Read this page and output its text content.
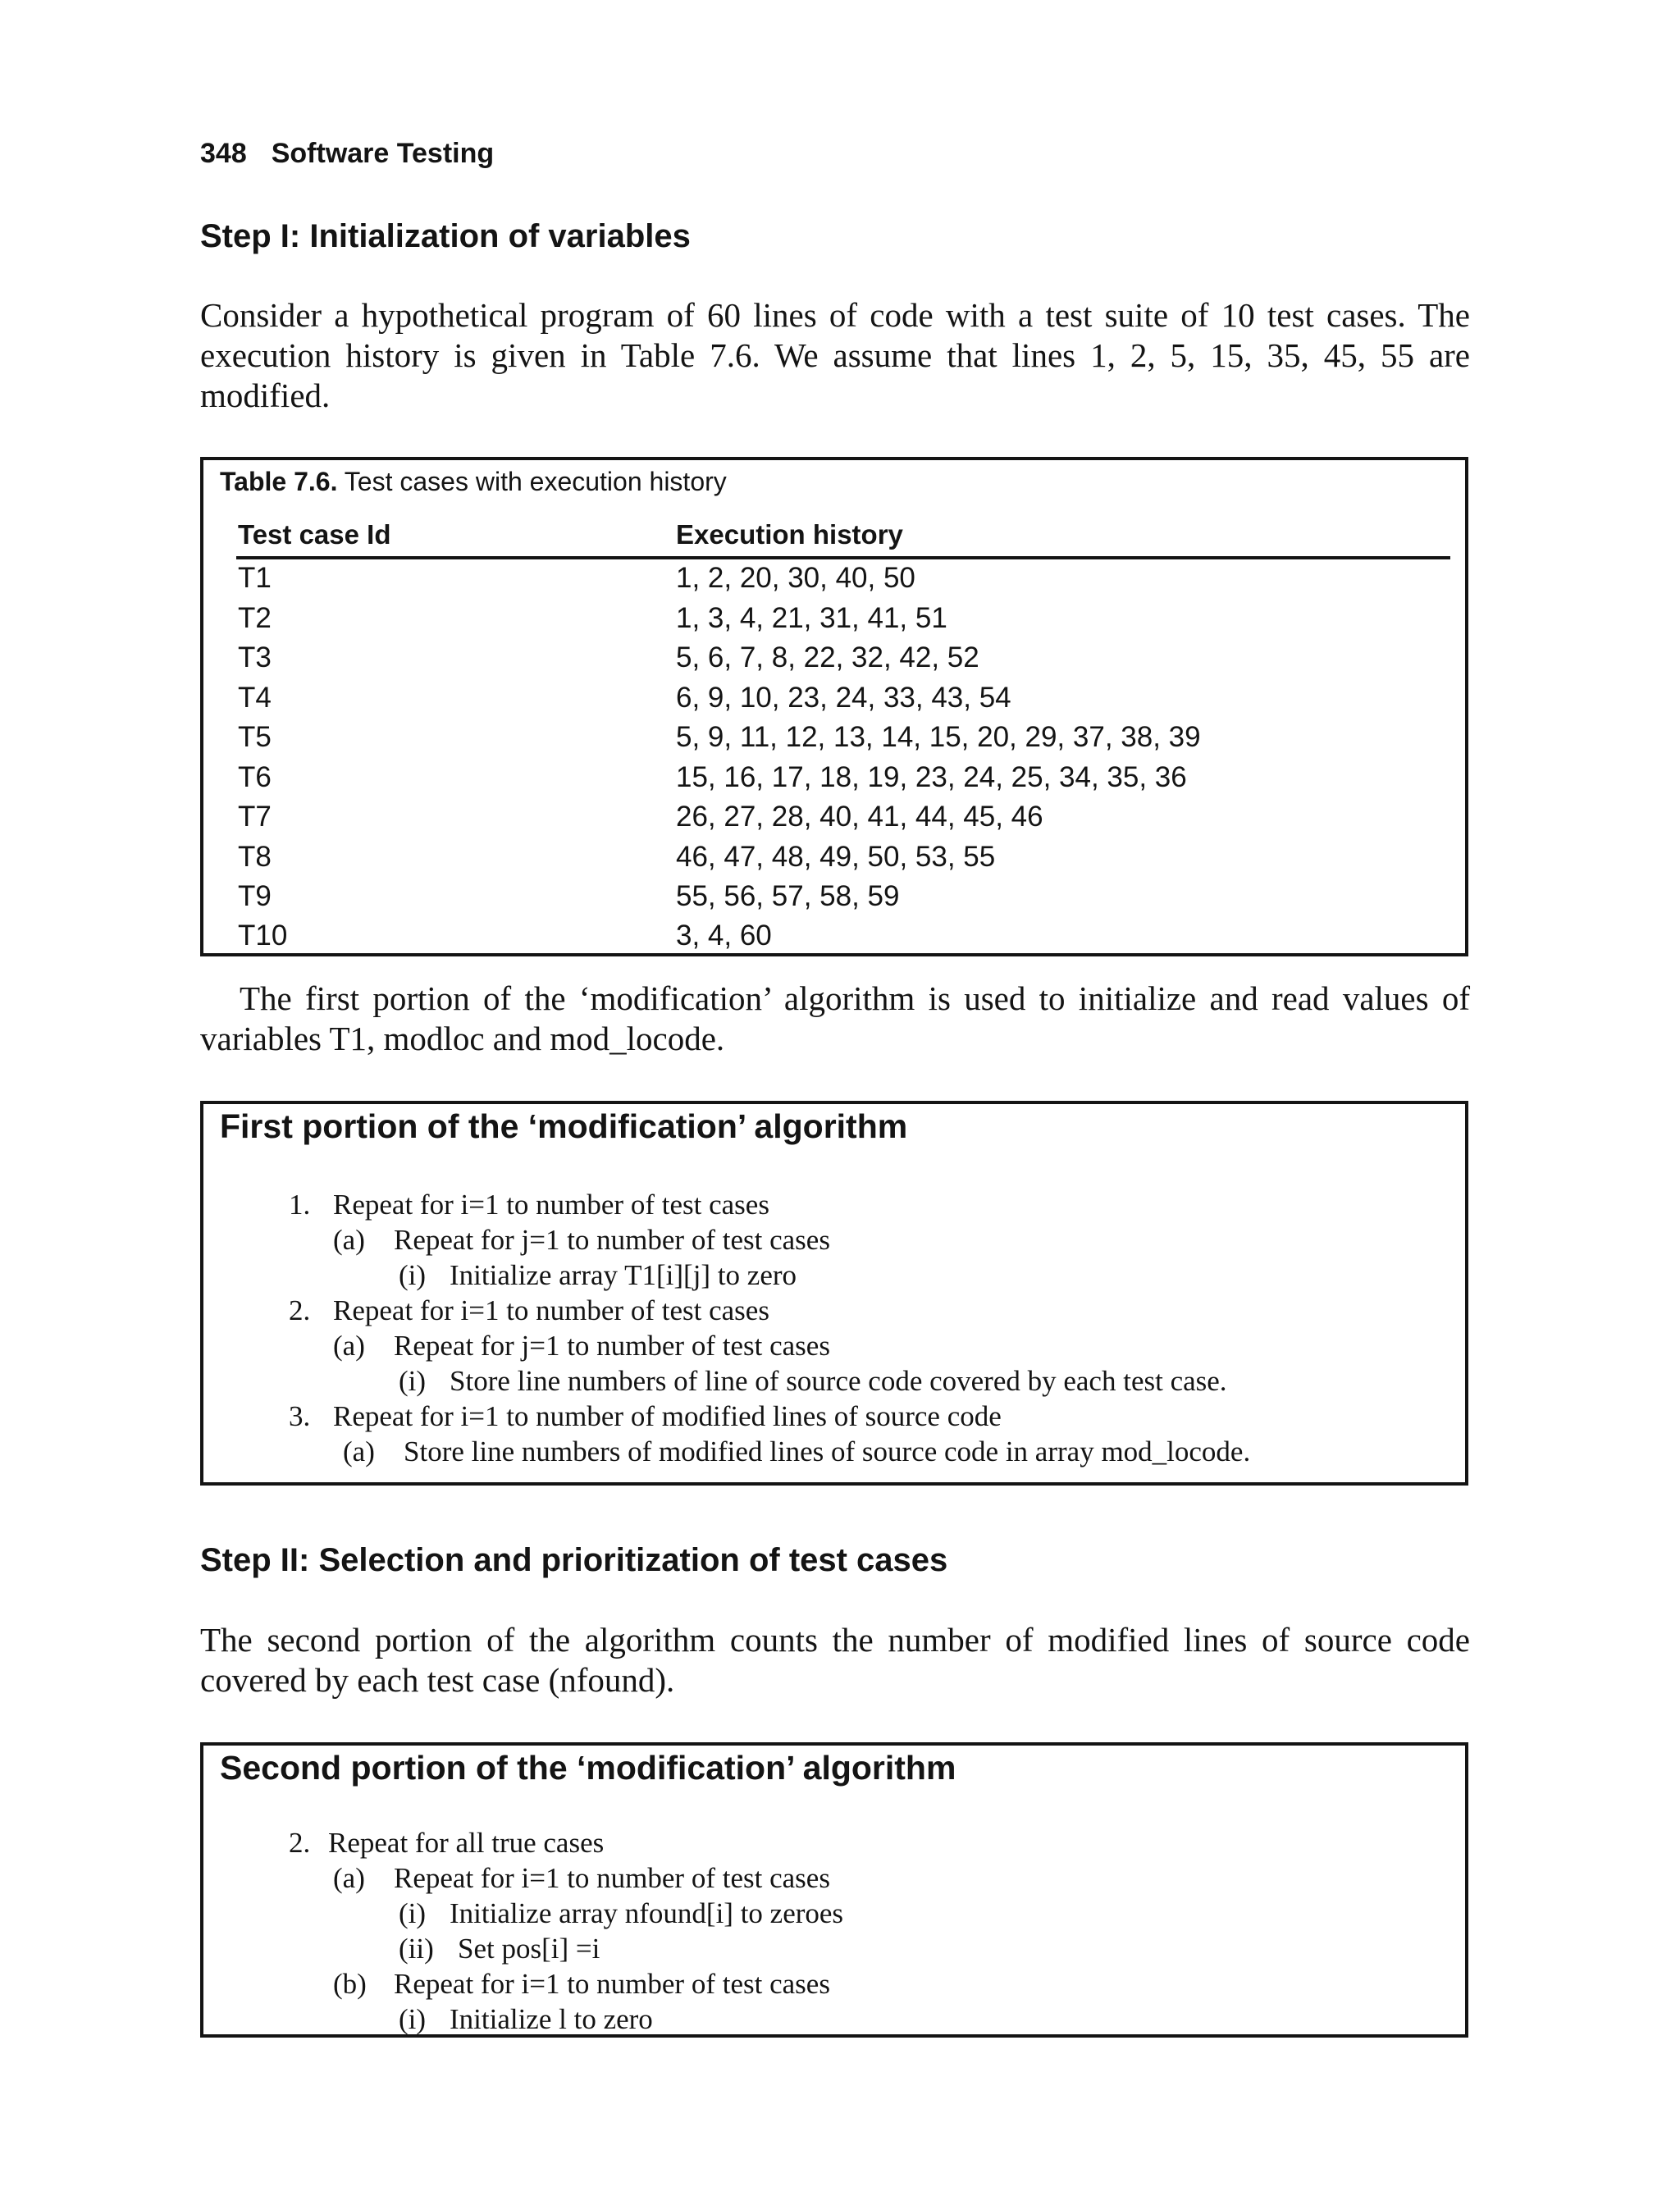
348 Software Testing
Step I: Initialization of variables
Consider a hypothetical program of 60 lines of code with a test suite of 10 test cases. The execution history is given in Table 7.6. We assume that lines 1, 2, 5, 15, 35, 45, 55 are modified.
Table 7.6. Test cases with execution history
Test case Id	Execution history
T1	1, 2, 20, 30, 40, 50
T2	1, 3, 4, 21, 31, 41, 51
T3	5, 6, 7, 8, 22, 32, 42, 52
T4	6, 9, 10, 23, 24, 33, 43, 54
T5	5, 9, 11, 12, 13, 14, 15, 20, 29, 37, 38, 39
T6	15, 16, 17, 18, 19, 23, 24, 25, 34, 35, 36
T7	26, 27, 28, 40, 41, 44, 45, 46
T8	46, 47, 48, 49, 50, 53, 55
T9	55, 56, 57, 58, 59
T10	3, 4, 60
The first portion of the ‘modification’ algorithm is used to initialize and read values of variables T1, modloc and mod_locode.
First portion of the ‘modification’ algorithm
1. Repeat for i=1 to number of test cases
(a) Repeat for j=1 to number of test cases
(i) Initialize array T1[i][j] to zero
2. Repeat for i=1 to number of test cases
(a) Repeat for j=1 to number of test cases
(i) Store line numbers of line of source code covered by each test case.
3. Repeat for i=1 to number of modified lines of source code
(a) Store line numbers of modified lines of source code in array mod_locode.
Step II: Selection and prioritization of test cases
The second portion of the algorithm counts the number of modified lines of source code covered by each test case (nfound).
Second portion of the ‘modification’ algorithm
2. Repeat for all true cases
(a) Repeat for i=1 to number of test cases
(i) Initialize array nfound[i] to zeroes
(ii) Set pos[i] =i
(b) Repeat for i=1 to number of test cases
(i) Initialize l to zero
